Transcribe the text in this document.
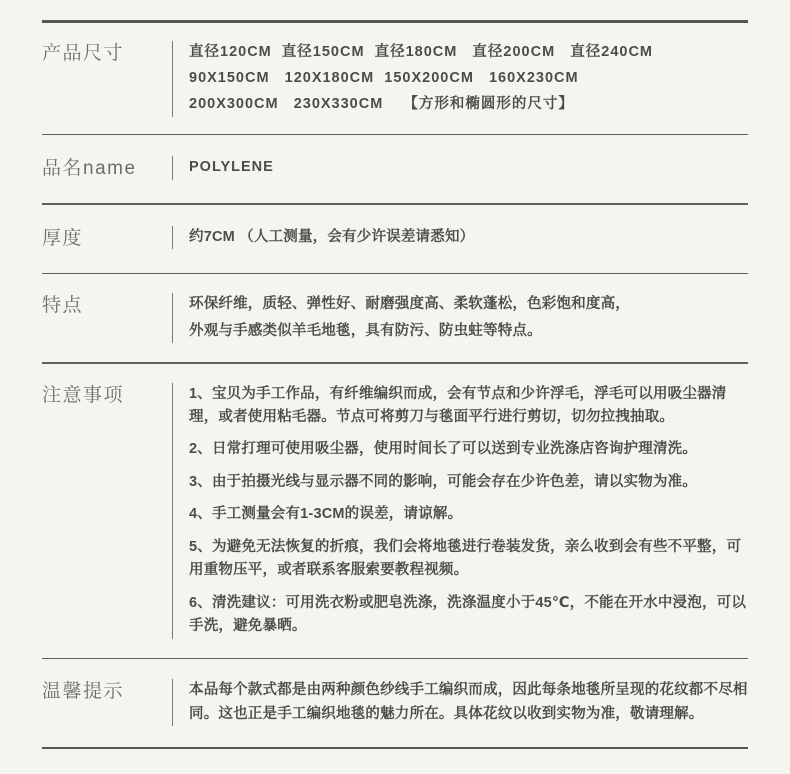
产品尺寸	直径120CM  直径150CM  直径180CM   直径200CM   直径240CM

90X150CM   120X180CM  150X200CM   160X230CM

200X300CM   230X330CM    【方形和椭圆形的尺寸】

品名name	POLYLENE
厚度	约7CM （人工测量，会有少许误差请悉知）
特点	环保纤维，质轻、弹性好、耐磨强度高、柔软蓬松，色彩饱和度高，

外观与手感类似羊毛地毯，具有防污、防虫蛀等特点。

注意事项	1、宝贝为手工作品，有纤维编织而成，会有节点和少许浮毛，浮毛可以用吸尘器清理，或者使用粘毛器。节点可将剪刀与毯面平行进行剪切，切勿拉拽抽取。

2、日常打理可使用吸尘器，使用时间长了可以送到专业洗涤店咨询护理清洗。

3、由于拍摄光线与显示器不同的影响，可能会存在少许色差，请以实物为准。

4、手工测量会有1-3CM的误差，请谅解。

5、为避免无法恢复的折痕，我们会将地毯进行卷装发货，亲么收到会有些不平整，可用重物压平，或者联系客服索要教程视频。

6、清洗建议：可用洗衣粉或肥皂洗涤，洗涤温度小于45℃，不能在开水中浸泡，可以手洗，避免暴晒。

温馨提示	本品每个款式都是由两种颜色纱线手工编织而成，因此每条地毯所呈现的花纹都不尽相同。这也正是手工编织地毯的魅力所在。具体花纹以收到实物为准，敬请理解。
